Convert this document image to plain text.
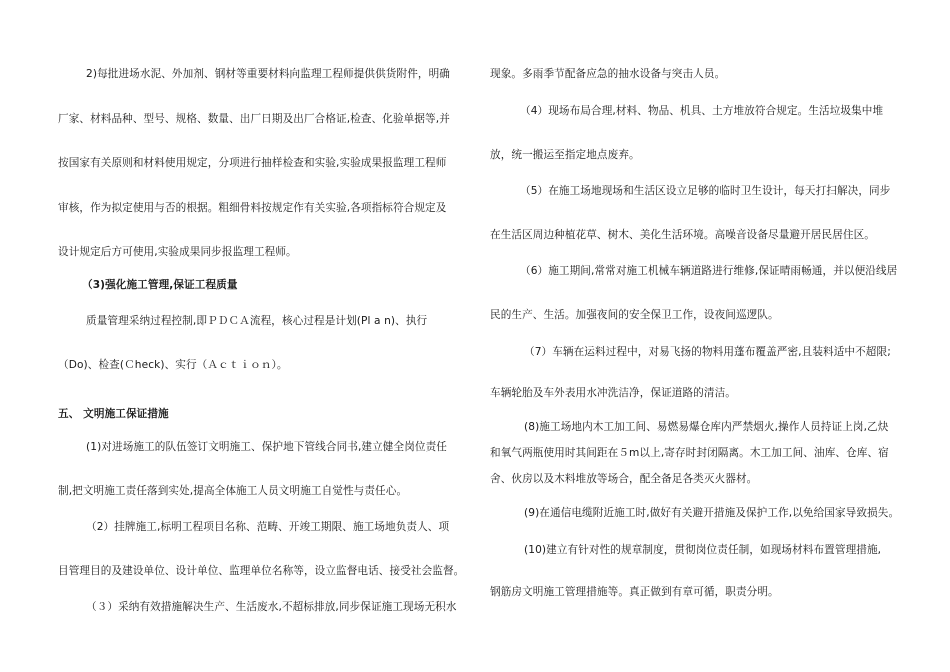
2)每批进场水泥、外加剂、钢材等重要材料向监理工程师提供供货附件，明确
厂家、材料品种、型号、规格、数量、出厂日期及出厂合格证,检查、化验单据等,并
按国家有关原则和材料使用规定，分项进行抽样检查和实验,实验成果报监理工程师
审核，作为拟定使用与否的根据。粗细骨料按规定作有关实验,各项指标符合规定及
设计规定后方可使用,实验成果同步报监理工程师。
（3)强化施工管理,保证工程质量
质量管理采纳过程控制,即ＰＤＣＡ流程，核心过程是计划(Pl a n)、执行
（Do)、检查(Ｃheck)、实行（Ａｃｔｉｏｎ）。
五、 文明施工保证措施
(1)对进场施工的队伍签订文明施工、保护地下管线合同书,建立健全岗位责任
制,把文明施工责任落到实处,提高全体施工人员文明施工自觉性与责任心。
（2）挂牌施工,标明工程项目名称、范畴、开竣工期限、施工场地负责人、项
目管理目的及建设单位、设计单位、监理单位名称等，设立监督电话、接受社会监督。
（３）采纳有效措施解决生产、生活废水,不超标排放,同步保证施工现场无积水
现象。多雨季节配备应急的抽水设备与突击人员。
（4）现场布局合理,材料、物品、机具、土方堆放符合规定。生活垃圾集中堆
放，统一搬运至指定地点废弃。
（5）在施工场地现场和生活区设立足够的临时卫生设计，每天打扫解决，同步
在生活区周边种植花草、树木、美化生活环境。高噪音设备尽量避开居民居住区。
（6）施工期间,常常对施工机械车辆道路进行维修,保证晴雨畅通，并以便沿线居
民的生产、生活。加强夜间的安全保卫工作，设夜间巡逻队。
（7）车辆在运料过程中，对易飞扬的物料用蓬布覆盖严密,且装料适中不超限;
车辆轮胎及车外表用水冲洗洁净，保证道路的清洁。
(8)施工场地内木工加工间、易燃易爆仓库内严禁烟火,操作人员持证上岗,乙炔
和氧气两瓶使用时其间距在５m以上,寄存时封闭隔离。木工加工间、油库、仓库、宿
舍、伙房以及木料堆放等场合，配全备足各类灭火器材。
(9)在通信电缆附近施工时,做好有关避开措施及保护工作,以免给国家导致损失。
(10)建立有针对性的规章制度，贯彻岗位责任制，如现场材料布置管理措施,
钢筋房文明施工管理措施等。真正做到有章可循，职责分明。
